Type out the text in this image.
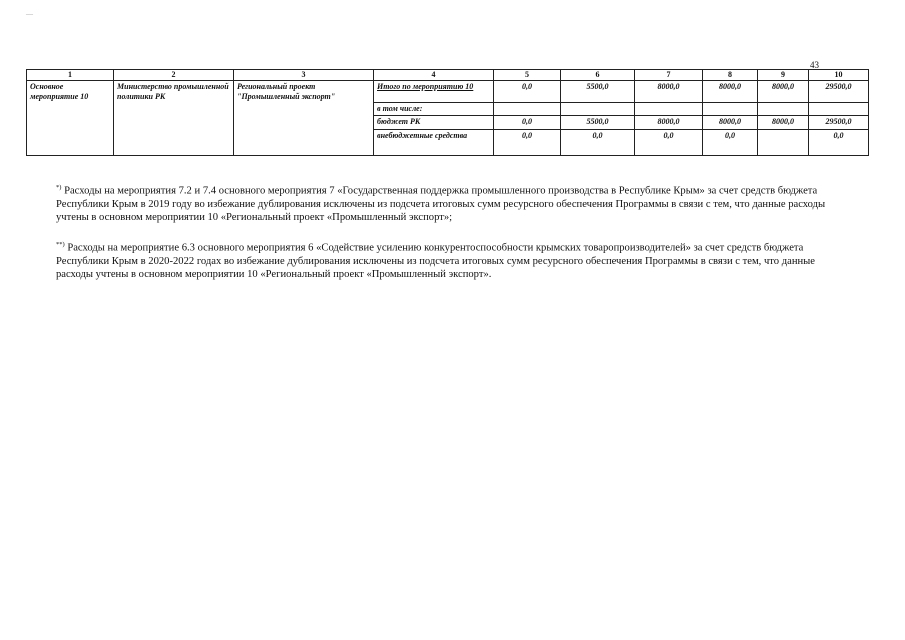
—
43
1	2	3	4	5	6	7	8	9	10
Основное мероприятие 10	Министерство промышленной политики РК	Региональный проект "Промышленный экспорт"	Итого по мероприятию 10	0,0	5500,0	8000,0	8000,0	8000,0	29500,0
			в том числе:						
			бюджет РК	0,0	5500,0	8000,0	8000,0	8000,0	29500,0
			внебюджетные средства	0,0	0,0	0,0	0,0		0,0

*) Расходы на мероприятия 7.2 и 7.4 основного мероприятия 7 «Государственная поддержка промышленного производства в Республике Крым» за счет средств бюджета Республики Крым в 2019 году во избежание дублирования исключены из подсчета итоговых сумм ресурсного обеспечения Программы в связи с тем, что данные расходы учтены в основном мероприятии 10 «Региональный проект «Промышленный экспорт»;

**) Расходы на мероприятие 6.3 основного мероприятия 6 «Содействие усилению конкурентоспособности крымских товаропроизводителей» за счет средств бюджета Республики Крым в 2020-2022 годах во избежание дублирования исключены из подсчета итоговых сумм ресурсного обеспечения Программы в связи с тем, что данные расходы учтены в основном мероприятии 10 «Региональный проект «Промышленный экспорт».
